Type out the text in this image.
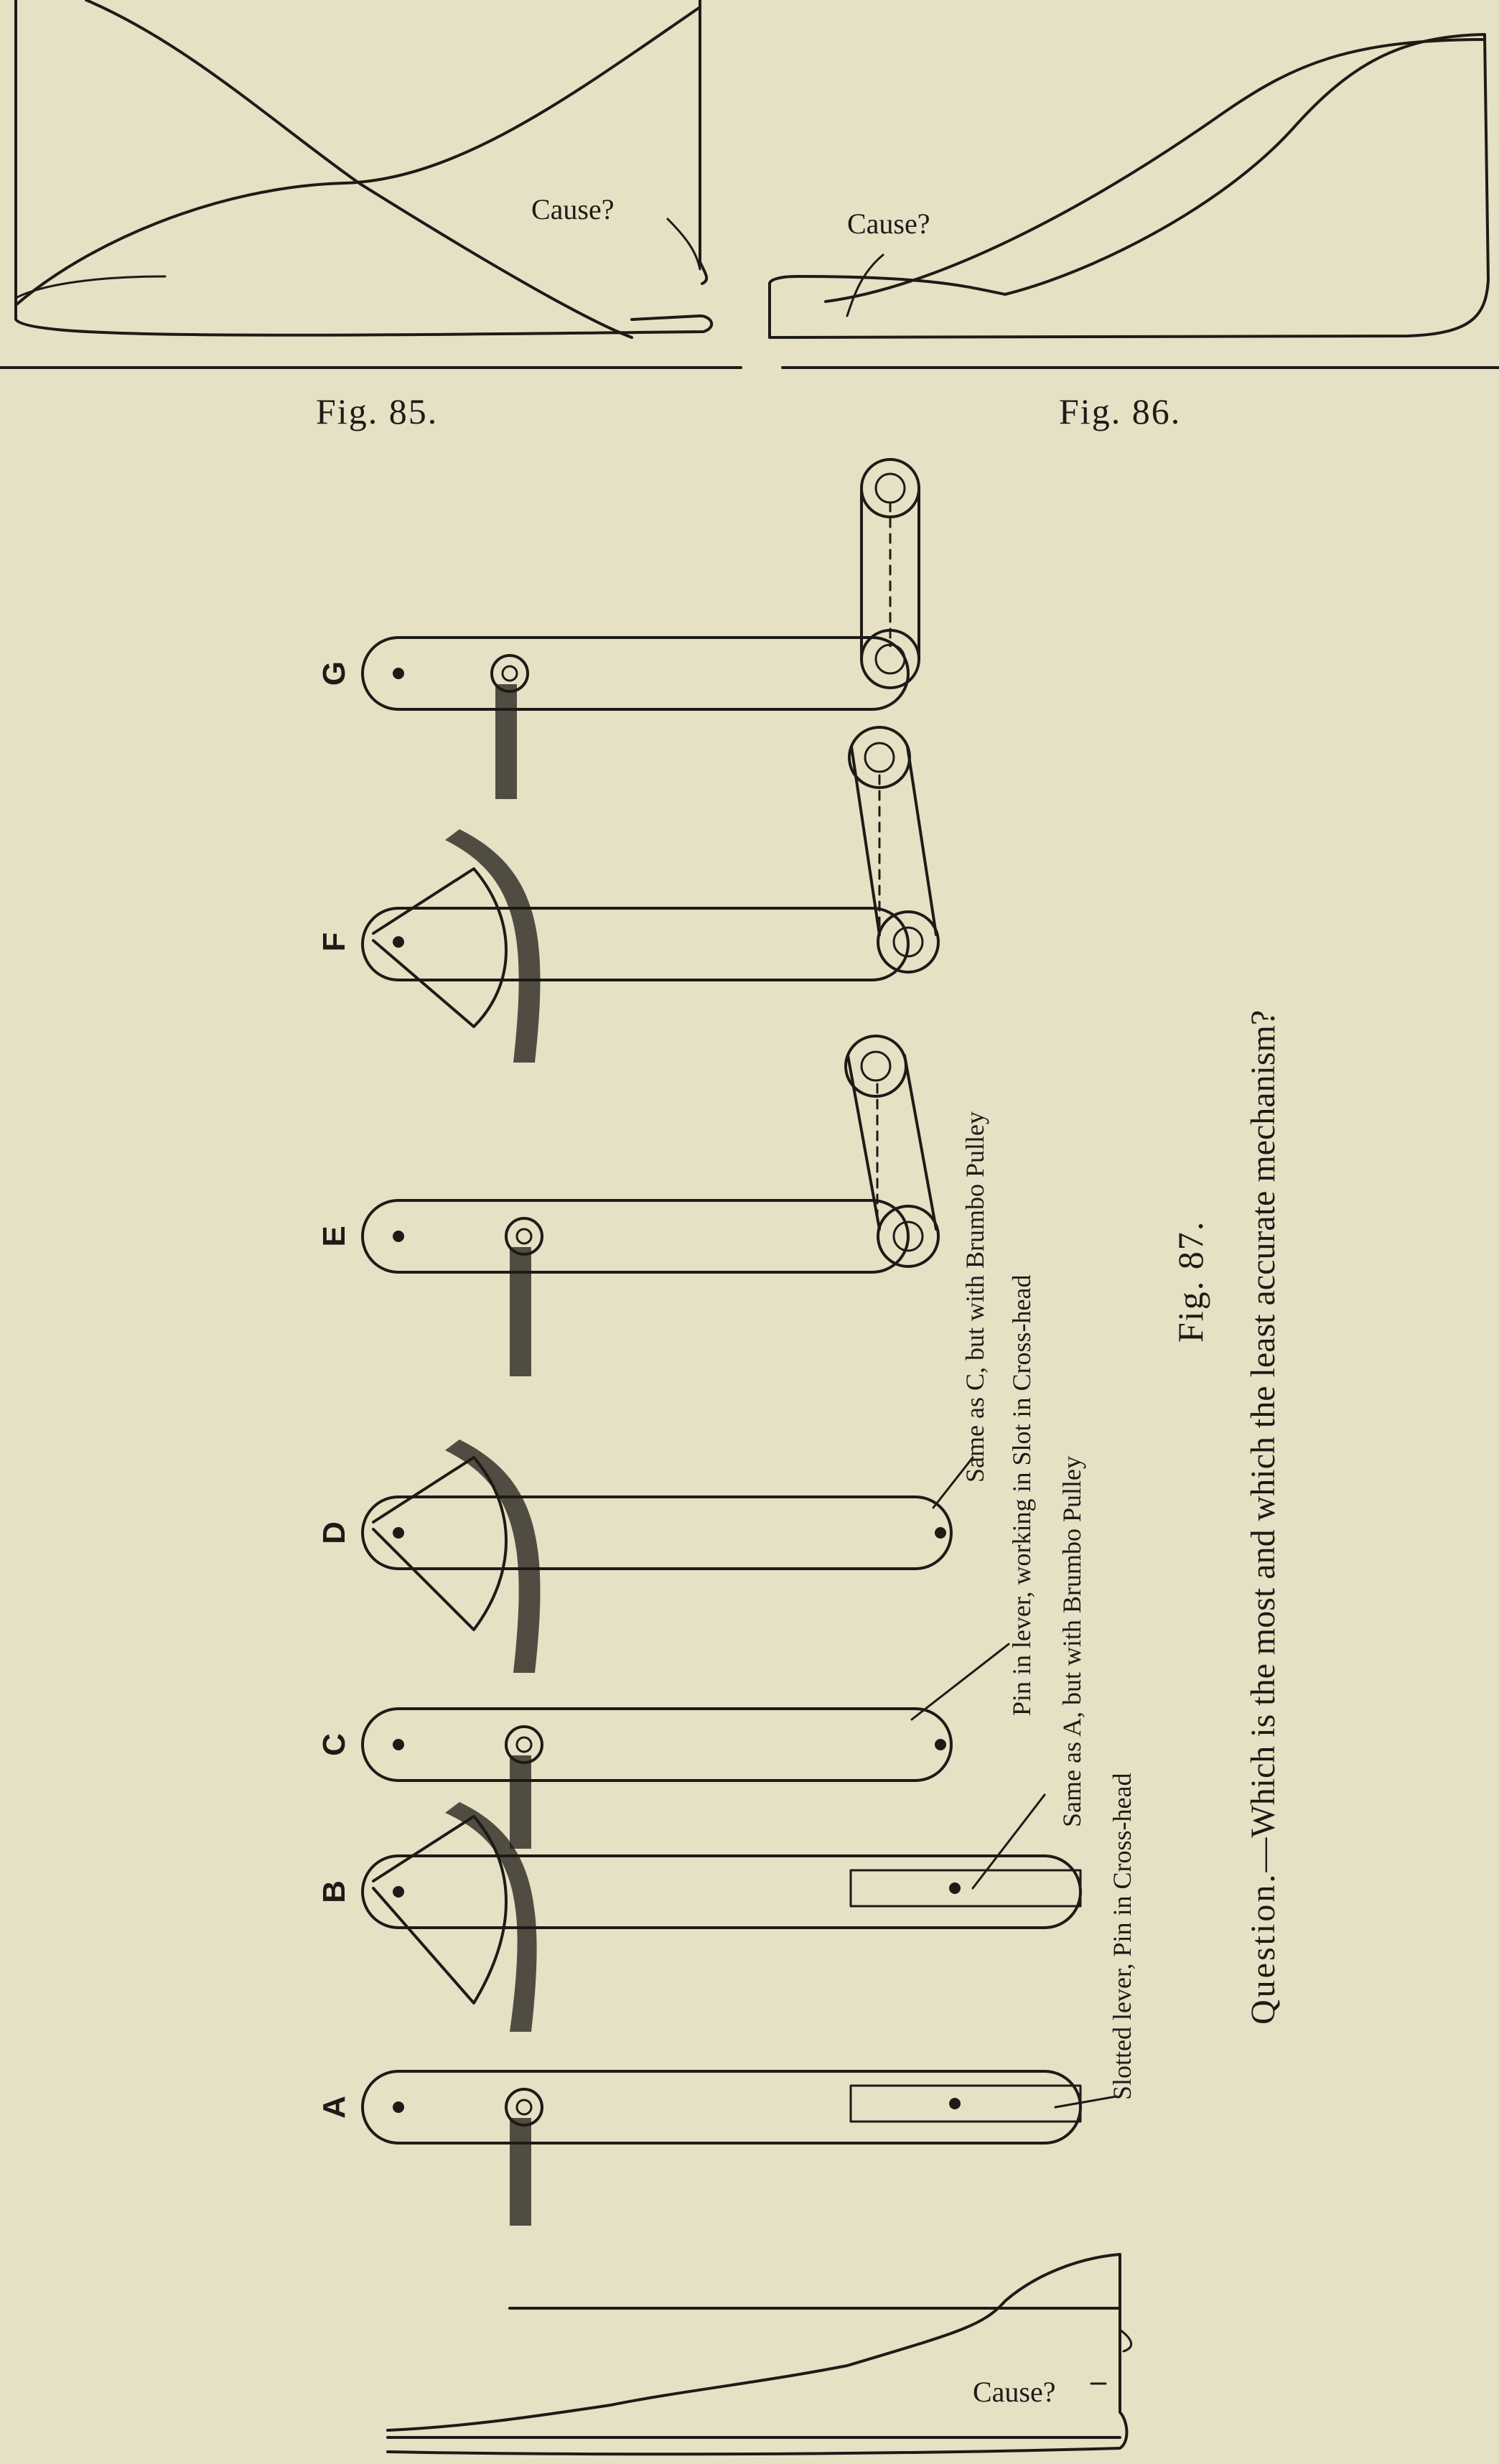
Cause?
Fig. 85.
Cause?
Fig. 86.
A
B
C
D
E
F
G
Slotted lever, Pin in Cross-head
Same as A, but with Brumbo Pulley
Pin in lever, working in Slot in Cross-head
Same as C, but with Brumbo Pulley	Fig. 87.
Question.—Which is the most and which the least accurate mechanism?
Cause?
